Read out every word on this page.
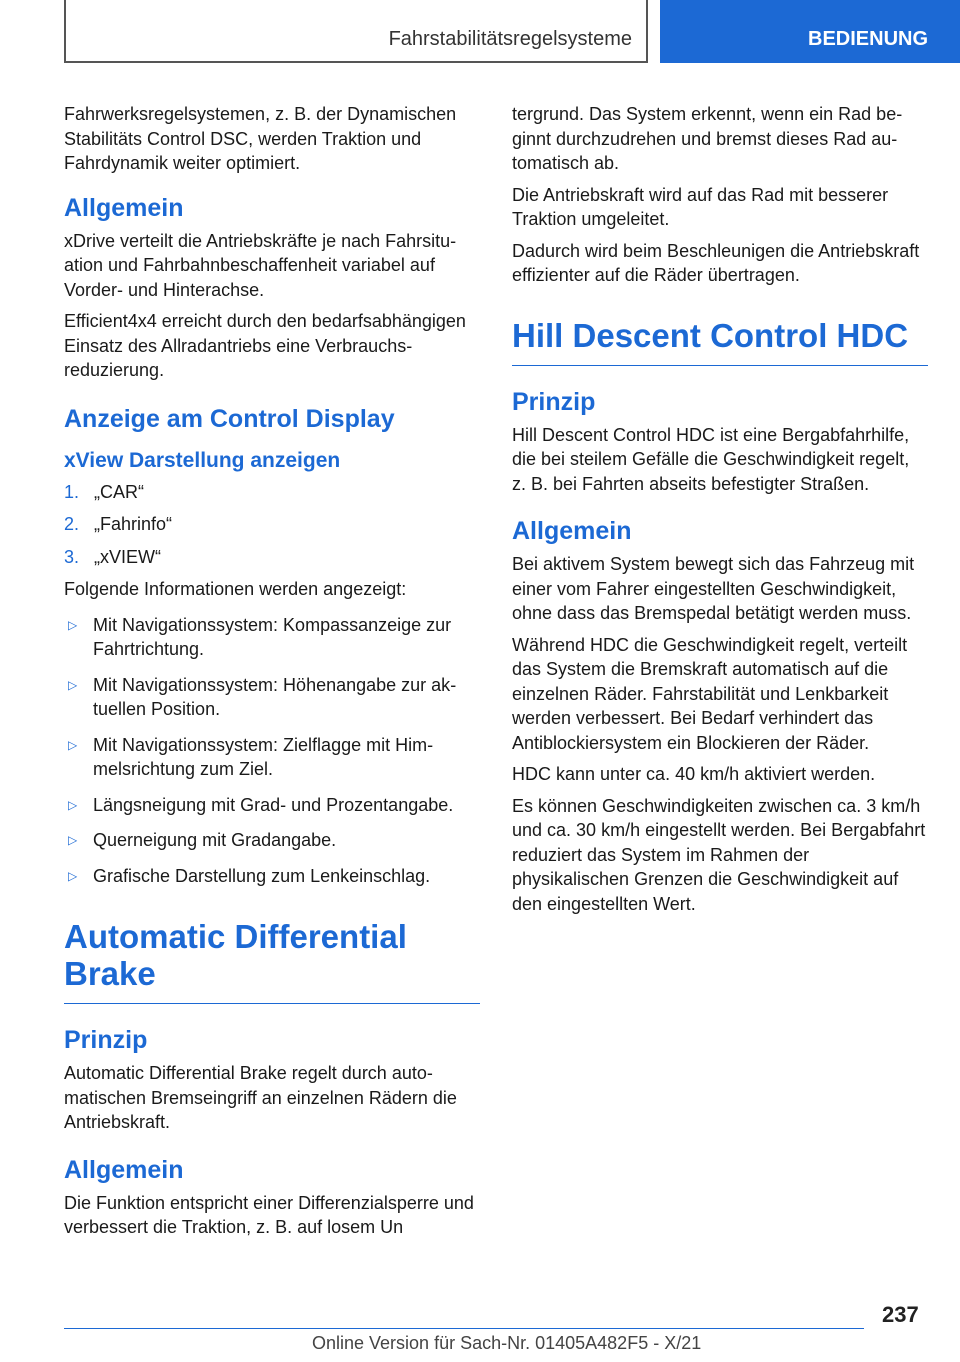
Fahrstabilitätsregelsysteme	BEDIENUNG

Fahrwerksregelsystemen, z. B. der Dynamischen Stabilitäts Control DSC, werden Traktion und Fahrdynamik weiter optimiert.

Allgemein

xDrive verteilt die Antriebskräfte je nach Fahrsituation und Fahrbahnbeschaffenheit variabel auf Vorder- und Hinterachse.

Efficient4x4 erreicht durch den bedarfsabhängigen Einsatz des Allradantriebs eine Verbrauchsreduzierung.

Anzeige am Control Display
xView Darstellung anzeigen
1. „CAR“
2. „Fahrinfo“
3. „xVIEW“

Folgende Informationen werden angezeigt:

▷ Mit Navigationssystem: Kompassanzeige zur Fahrtrichtung.
▷ Mit Navigationssystem: Höhenangabe zur aktuellen Position.
▷ Mit Navigationssystem: Zielflagge mit Himmelsrichtung zum Ziel.
▷ Längsneigung mit Grad- und Prozentangabe.
▷ Querneigung mit Gradangabe.
▷ Grafische Darstellung zum Lenkeinschlag.
Automatic Differential Brake
Prinzip

Automatic Differential Brake regelt durch automatischen Bremseingriff an einzelnen Rädern die Antriebskraft.

Allgemein

Die Funktion entspricht einer Differenzialsperre und verbessert die Traktion, z. B. auf losem Un

tergrund. Das System erkennt, wenn ein Rad beginnt durchzudrehen und bremst dieses Rad automatisch ab.

Die Antriebskraft wird auf das Rad mit besserer Traktion umgeleitet.

Dadurch wird beim Beschleunigen die Antriebskraft effizienter auf die Räder übertragen.

Hill Descent Control HDC
Prinzip

Hill Descent Control HDC ist eine Bergabfahrhilfe, die bei steilem Gefälle die Geschwindigkeit regelt, z. B. bei Fahrten abseits befestigter Straßen.

Allgemein

Bei aktivem System bewegt sich das Fahrzeug mit einer vom Fahrer eingestellten Geschwindigkeit, ohne dass das Bremspedal betätigt werden muss.

Während HDC die Geschwindigkeit regelt, verteilt das System die Bremskraft automatisch auf die einzelnen Räder. Fahrstabilität und Lenkbarkeit werden verbessert. Bei Bedarf verhindert das Antiblockiersystem ein Blockieren der Räder.

HDC kann unter ca. 40 km/h aktiviert werden.

Es können Geschwindigkeiten zwischen ca. 3 km/h und ca. 30 km/h eingestellt werden. Bei Bergabfahrt reduziert das System im Rahmen der physikalischen Grenzen die Geschwindigkeit auf den eingestellten Wert.

237
Online Version für Sach-Nr. 01405A482F5 - X/21
